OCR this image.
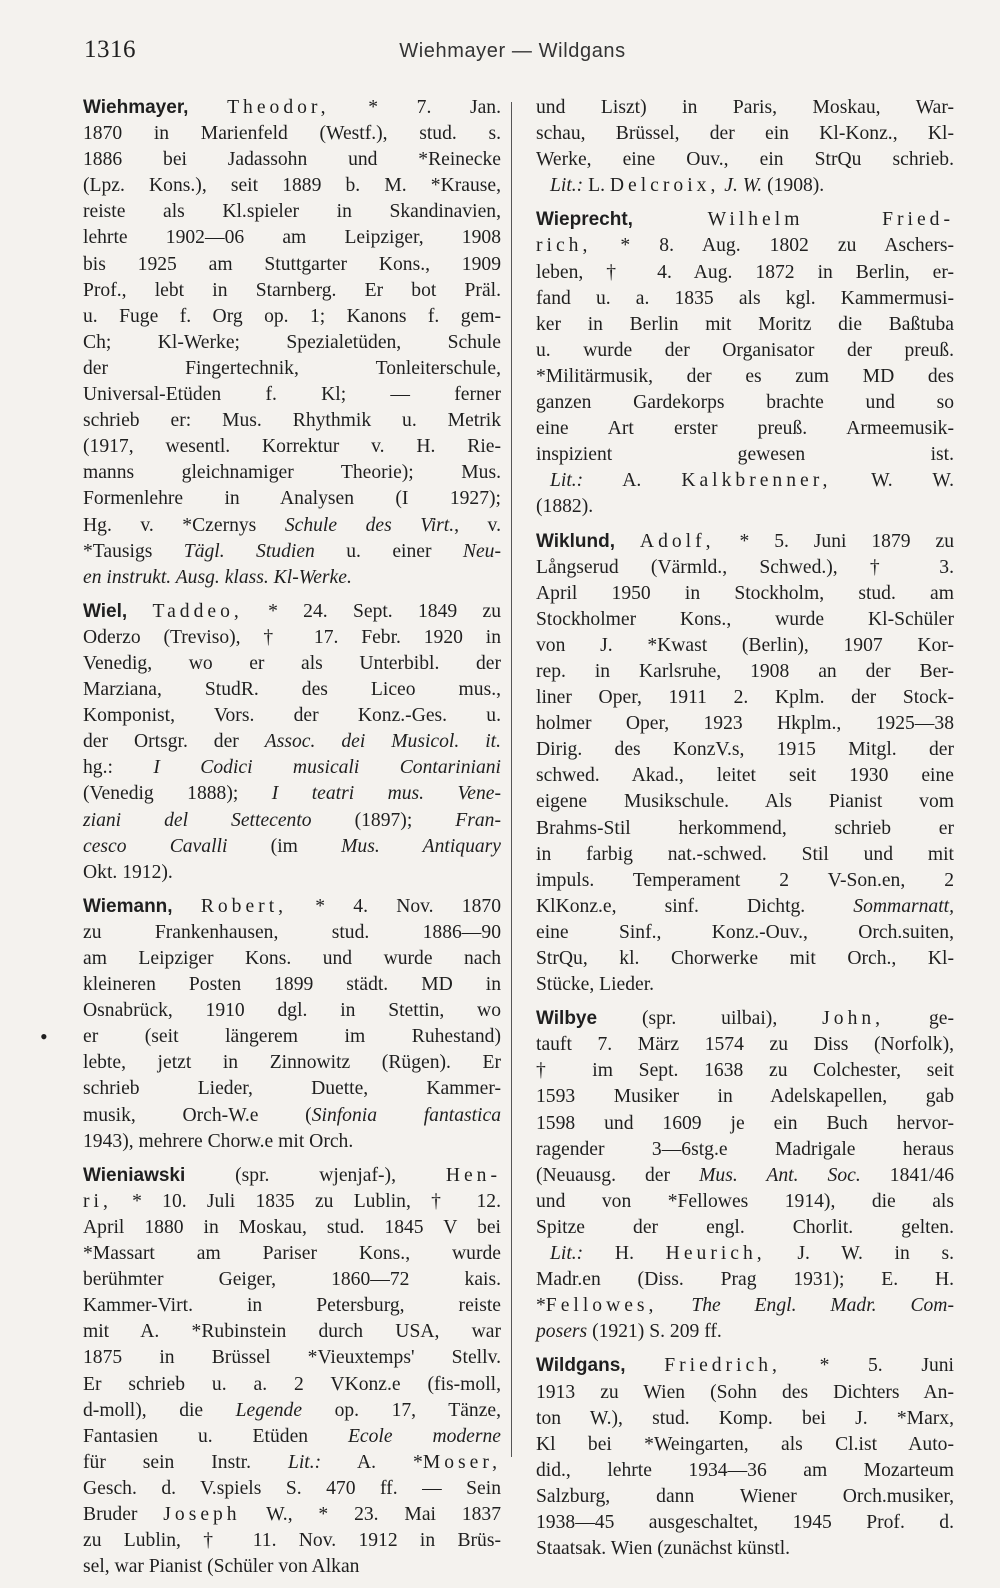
1316	Wiehmayer — Wildgans
•
Wiehmayer, Theodor, * 7. Jan.
1870 in Marienfeld (Westf.), stud. s.
1886 bei Jadassohn und *Reinecke
(Lpz. Kons.), seit 1889 b. M. *Krause,
reiste als Kl.spieler in Skandinavien,
lehrte 1902—06 am Leipziger, 1908
bis 1925 am Stuttgarter Kons., 1909
Prof., lebt in Starnberg. Er bot Präl.
u. Fuge f. Org op. 1; Kanons f. gem-
Ch; Kl-Werke; Spezialetüden, Schule
der Fingertechnik, Tonleiterschule,
Universal-Etüden f. Kl; — ferner
schrieb er: Mus. Rhythmik u. Metrik
(1917, wesentl. Korrektur v. H. Rie-
manns gleichnamiger Theorie); Mus.
Formenlehre in Analysen (I 1927);
Hg. v. *Czernys Schule des Virt., v.
*Tausigs Tägl. Studien u. einer Neu-
en instrukt. Ausg. klass. Kl-Werke.
Wiel, Taddeo, * 24. Sept. 1849 zu
Oderzo (Treviso), † 17. Febr. 1920 in
Venedig, wo er als Unterbibl. der
Marziana, StudR. des Liceo mus.,
Komponist, Vors. der Konz.-Ges. u.
der Ortsgr. der Assoc. dei Musicol. it.
hg.: I Codici musicali Contariniani
(Venedig 1888); I teatri mus. Vene-
ziani del Settecento (1897); Fran-
cesco Cavalli (im Mus. Antiquary
Okt. 1912).
Wiemann, Robert, * 4. Nov. 1870
zu Frankenhausen, stud. 1886—90
am Leipziger Kons. und wurde nach
kleineren Posten 1899 städt. MD in
Osnabrück, 1910 dgl. in Stettin, wo
er (seit längerem im Ruhestand)
lebte, jetzt in Zinnowitz (Rügen). Er
schrieb Lieder, Duette, Kammer-
musik, Orch-W.e (Sinfonia fantastica
1943), mehrere Chorw.e mit Orch.
Wieniawski (spr. wjenjaf-), Hen-
ri, * 10. Juli 1835 zu Lublin, † 12.
April 1880 in Moskau, stud. 1845 V bei
*Massart am Pariser Kons., wurde
berühmter Geiger, 1860—72 kais.
Kammer-Virt. in Petersburg, reiste
mit A. *Rubinstein durch USA, war
1875 in Brüssel *Vieuxtemps' Stellv.
Er schrieb u. a. 2 VKonz.e (fis-moll,
d-moll), die Legende op. 17, Tänze,
Fantasien u. Etüden Ecole moderne
für sein Instr. Lit.: A. *Moser,
Gesch. d. V.spiels S. 470 ff. — Sein
Bruder Joseph W., * 23. Mai 1837
zu Lublin, † 11. Nov. 1912 in Brüs-
sel, war Pianist (Schüler von Alkan
und Liszt) in Paris, Moskau, War-
schau, Brüssel, der ein Kl-Konz., Kl-
Werke, eine Ouv., ein StrQu schrieb.
Lit.: L. Delcroix, J. W. (1908).
Wieprecht,	Wilhelm Fried-
rich, * 8. Aug. 1802 zu Aschers-
leben, † 4. Aug. 1872 in Berlin, er-
fand u. a. 1835 als kgl. Kammermusi-
ker in Berlin mit Moritz die Baßtuba
u. wurde der Organisator der preuß.
*Militärmusik, der es zum MD des
ganzen Gardekorps brachte und so
eine Art erster preuß. Armeemusik-
inspizient gewesen ist.
Lit.: A. Kalkbrenner, W. W.
(1882).
Wiklund, Adolf, * 5. Juni 1879 zu
Långserud (Värmld., Schwed.), † 3.
April 1950 in Stockholm, stud. am
Stockholmer Kons., wurde Kl-Schüler
von J. *Kwast (Berlin), 1907 Kor-
rep. in Karlsruhe, 1908 an der Ber-
liner Oper, 1911 2. Kplm. der Stock-
holmer Oper, 1923 Hkplm., 1925—38
Dirig. des KonzV.s, 1915 Mitgl. der
schwed. Akad., leitet seit 1930 eine
eigene Musikschule. Als Pianist vom
Brahms-Stil herkommend, schrieb er
in farbig nat.-schwed. Stil und mit
impuls. Temperament 2 V-Son.en, 2
KlKonz.e, sinf. Dichtg. Sommarnatt,
eine Sinf., Konz.-Ouv., Orch.suiten,
StrQu, kl. Chorwerke mit Orch., Kl-
Stücke, Lieder.
Wilbye (spr. uilbai), John, ge-
tauft 7. März 1574 zu Diss (Norfolk),
† im Sept. 1638 zu Colchester, seit
1593 Musiker in Adelskapellen, gab
1598 und 1609 je ein Buch hervor-
ragender 3—6stg.e Madrigale heraus
(Neuausg. der Mus. Ant. Soc. 1841/46
und von *Fellowes 1914), die als
Spitze der engl. Chorlit. gelten.
Lit.: H. Heurich, J. W. in s.
Madr.en (Diss. Prag 1931); E. H.
*Fellowes, The Engl. Madr. Com-
posers (1921) S. 209 ff.
Wildgans, Friedrich, * 5. Juni
1913 zu Wien (Sohn des Dichters An-
ton W.), stud. Komp. bei J. *Marx,
Kl bei *Weingarten, als Cl.ist Auto-
did., lehrte 1934—36 am Mozarteum
Salzburg, dann Wiener Orch.musiker,
1938—45 ausgeschaltet, 1945 Prof. d.
Staatsak. Wien (zunächst künstl.
